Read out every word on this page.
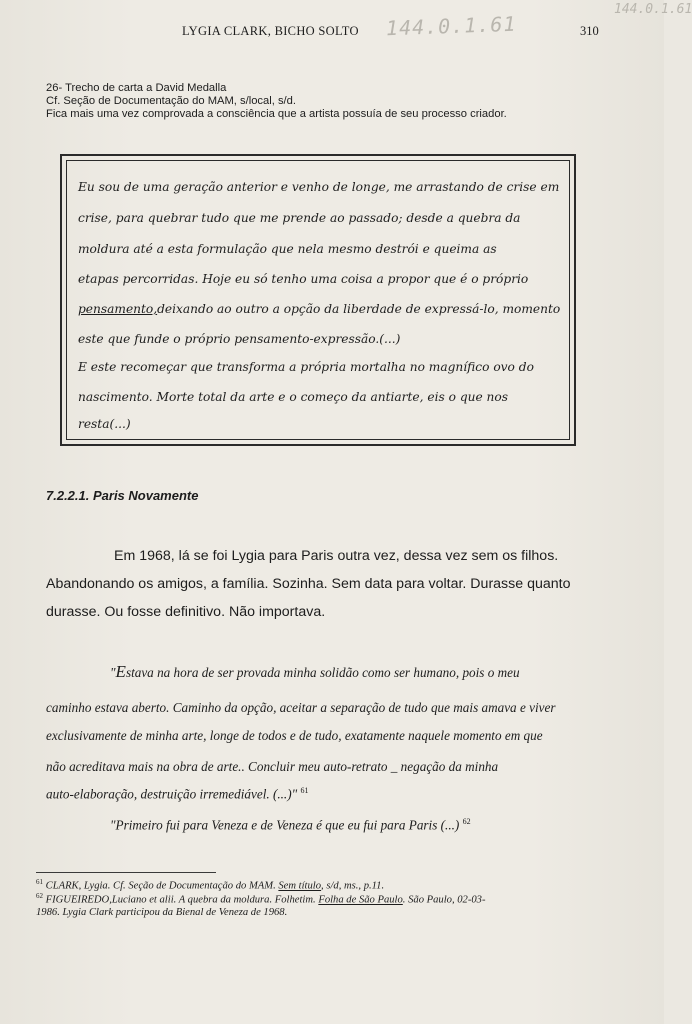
LYGIA CLARK, BICHO SOLTO 144.0.1.61
144.0.1.61
310
26- Trecho de carta a David Medalla
Cf. Seção de Documentação do MAM, s/local, s/d.
Fica mais uma vez comprovada a consciência que a artista possuía de seu processo criador.
Eu sou de uma geração anterior e venho de longe, me arrastando de crise em
crise, para quebrar tudo que me prende ao passado; desde a quebra da
moldura até a esta formulação que nela mesmo destrói e queima as
etapas percorridas. Hoje eu só tenho uma coisa a propor que é o próprio
pensamento, deixando ao outro a opção da liberdade de expressá-lo, momento
este que funde o próprio pensamento-expressão.(...)
E este recomeçar que transforma a própria mortalha no magnífico ovo do
nascimento. Morte total da arte e o começo da antiarte, eis o que nos
resta(...)
7.2.2.1. Paris Novamente
Em 1968, lá se foi Lygia para Paris outra vez, dessa vez sem os filhos.
Abandonando os amigos, a família. Sozinha. Sem data para voltar. Durasse quanto
durasse. Ou fosse definitivo. Não importava.
"Estava na hora de ser provada minha solidão como ser humano, pois o meu
caminho estava aberto. Caminho da opção, aceitar a separação de tudo que mais amava e viver
exclusivamente de minha arte, longe de todos e de tudo, exatamente naquele momento em que
não acreditava mais na obra de arte.. Concluir meu auto-retrato _ negação da minha
auto-elaboração, destruição irremediável. (...)" $^{61}$
"Primeiro fui para Veneza e de Veneza é que eu fui para Paris (...) $^{62}$
$^{61}$ CLARK, Lygia. Cf. Seção de Documentação do MAM. Sem título, s/d, ms., p.11.
$^{62}$ FIGUEIREDO,Luciano et alii. A quebra da moldura. Folhetim. Folha de São Paulo. São Paulo, 02-03-
1986. Lygia Clark participou da Bienal de Veneza de 1968.
